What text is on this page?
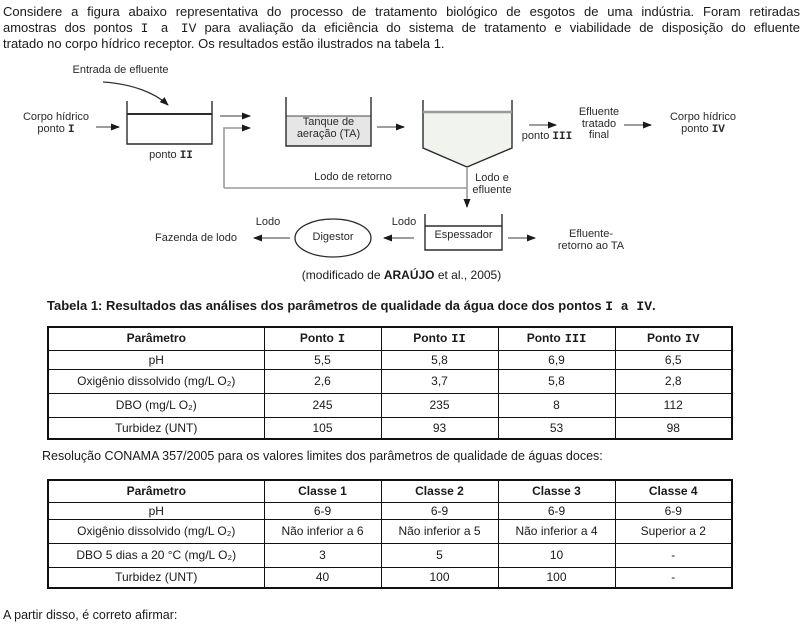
Considere a figura abaixo representativa do processo de tratamento biológico de esgotos de uma indústria. Foram retiradas
amostras dos pontos I a IV para avaliação da eficiência do sistema de tratamento e viabilidade de disposição do efluente
tratado no corpo hídrico receptor. Os resultados estão ilustrados na tabela 1.
Entrada de efluente
Corpo hídrico
ponto I
ponto II
Tanque de
aeração (TA)
Lodo de retorno	Lodo e
efluente
ponto III
Efluente
tratado
final
Corpo hídrico
ponto IV
Lodo
Lodo
Espessador
Digestor
Fazenda de lodo	Efluente-
retorno ao TA
(modificado de ARAÚJO et al., 2005)
Tabela 1: Resultados das análises dos parâmetros de qualidade da água doce dos pontos I a IV.
Parâmetro	Ponto I	Ponto II	Ponto III	Ponto IV
pH	5,5	5,8	6,9	6,5
Oxigênio dissolvido (mg/L O₂)	2,6	3,7	5,8	2,8
DBO (mg/L O₂)	245	235	8	112
Turbidez (UNT)	105	93	53	98
Resolução CONAMA 357/2005 para os valores limites dos parâmetros de qualidade de águas doces:
Parâmetro	Classe 1	Classe 2	Classe 3	Classe 4
pH	6-9	6-9	6-9	6-9
Oxigênio dissolvido (mg/L O₂)	Não inferior a 6	Não inferior a 5	Não inferior a 4	Superior a 2
DBO 5 dias a 20 °C (mg/L O₂)	3	5	10	-
Turbidez (UNT)	40	100	100	-
A partir disso, é correto afirmar:
